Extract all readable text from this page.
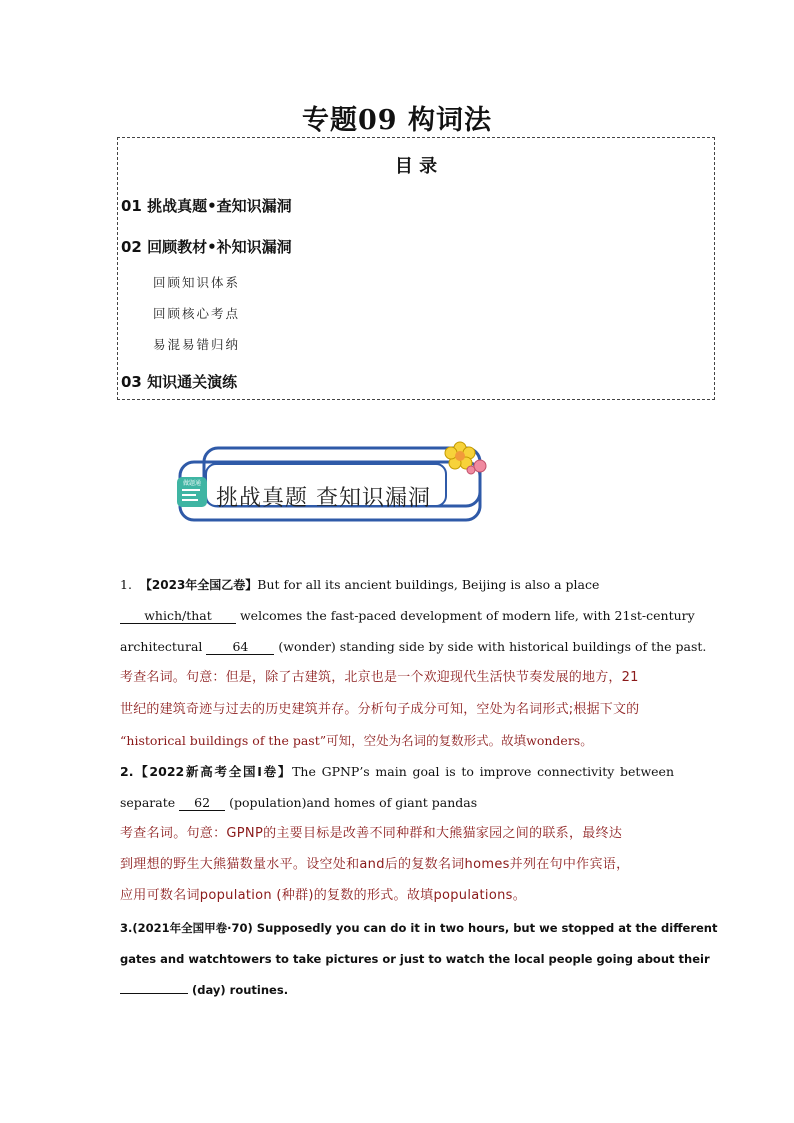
专题09 构词法
目 录
01 挑战真题•查知识漏洞
02 回顾教材•补知识漏洞
回顾知识体系
回顾核心考点
易混易错归纳
03 知识通关演练
做题通
挑战真题 查知识漏洞
1. 【2023年全国乙卷】But for all its ancient buildings, Beijing is also a place
which/that welcomes the fast-paced development of modern life, with 21st-century
architectural 64 (wonder) standing side by side with historical buildings of the past.
考查名词。句意：但是，除了古建筑，北京也是一个欢迎现代生活快节奏发展的地方，21
世纪的建筑奇迹与过去的历史建筑并存。分析句子成分可知，空处为名词形式;根据下文的
“historical buildings of the past”可知，空处为名词的复数形式。故填wonders。
2.【2022新高考全国I卷】The GPNP’s main goal is to improve connectivity between
separate 62 (population)and homes of giant pandas
考查名词。句意：GPNP的主要目标是改善不同种群和大熊猫家园之间的联系，最终达
到理想的野生大熊猫数量水平。设空处和and后的复数名词homes并列在句中作宾语，
应用可数名词population (种群)的复数的形式。故填populations。
3.(2021年全国甲卷·70) Supposedly you can do it in two hours, but we stopped at the different
gates and watchtowers to take pictures or just to watch the local people going about their
(day) routines.
